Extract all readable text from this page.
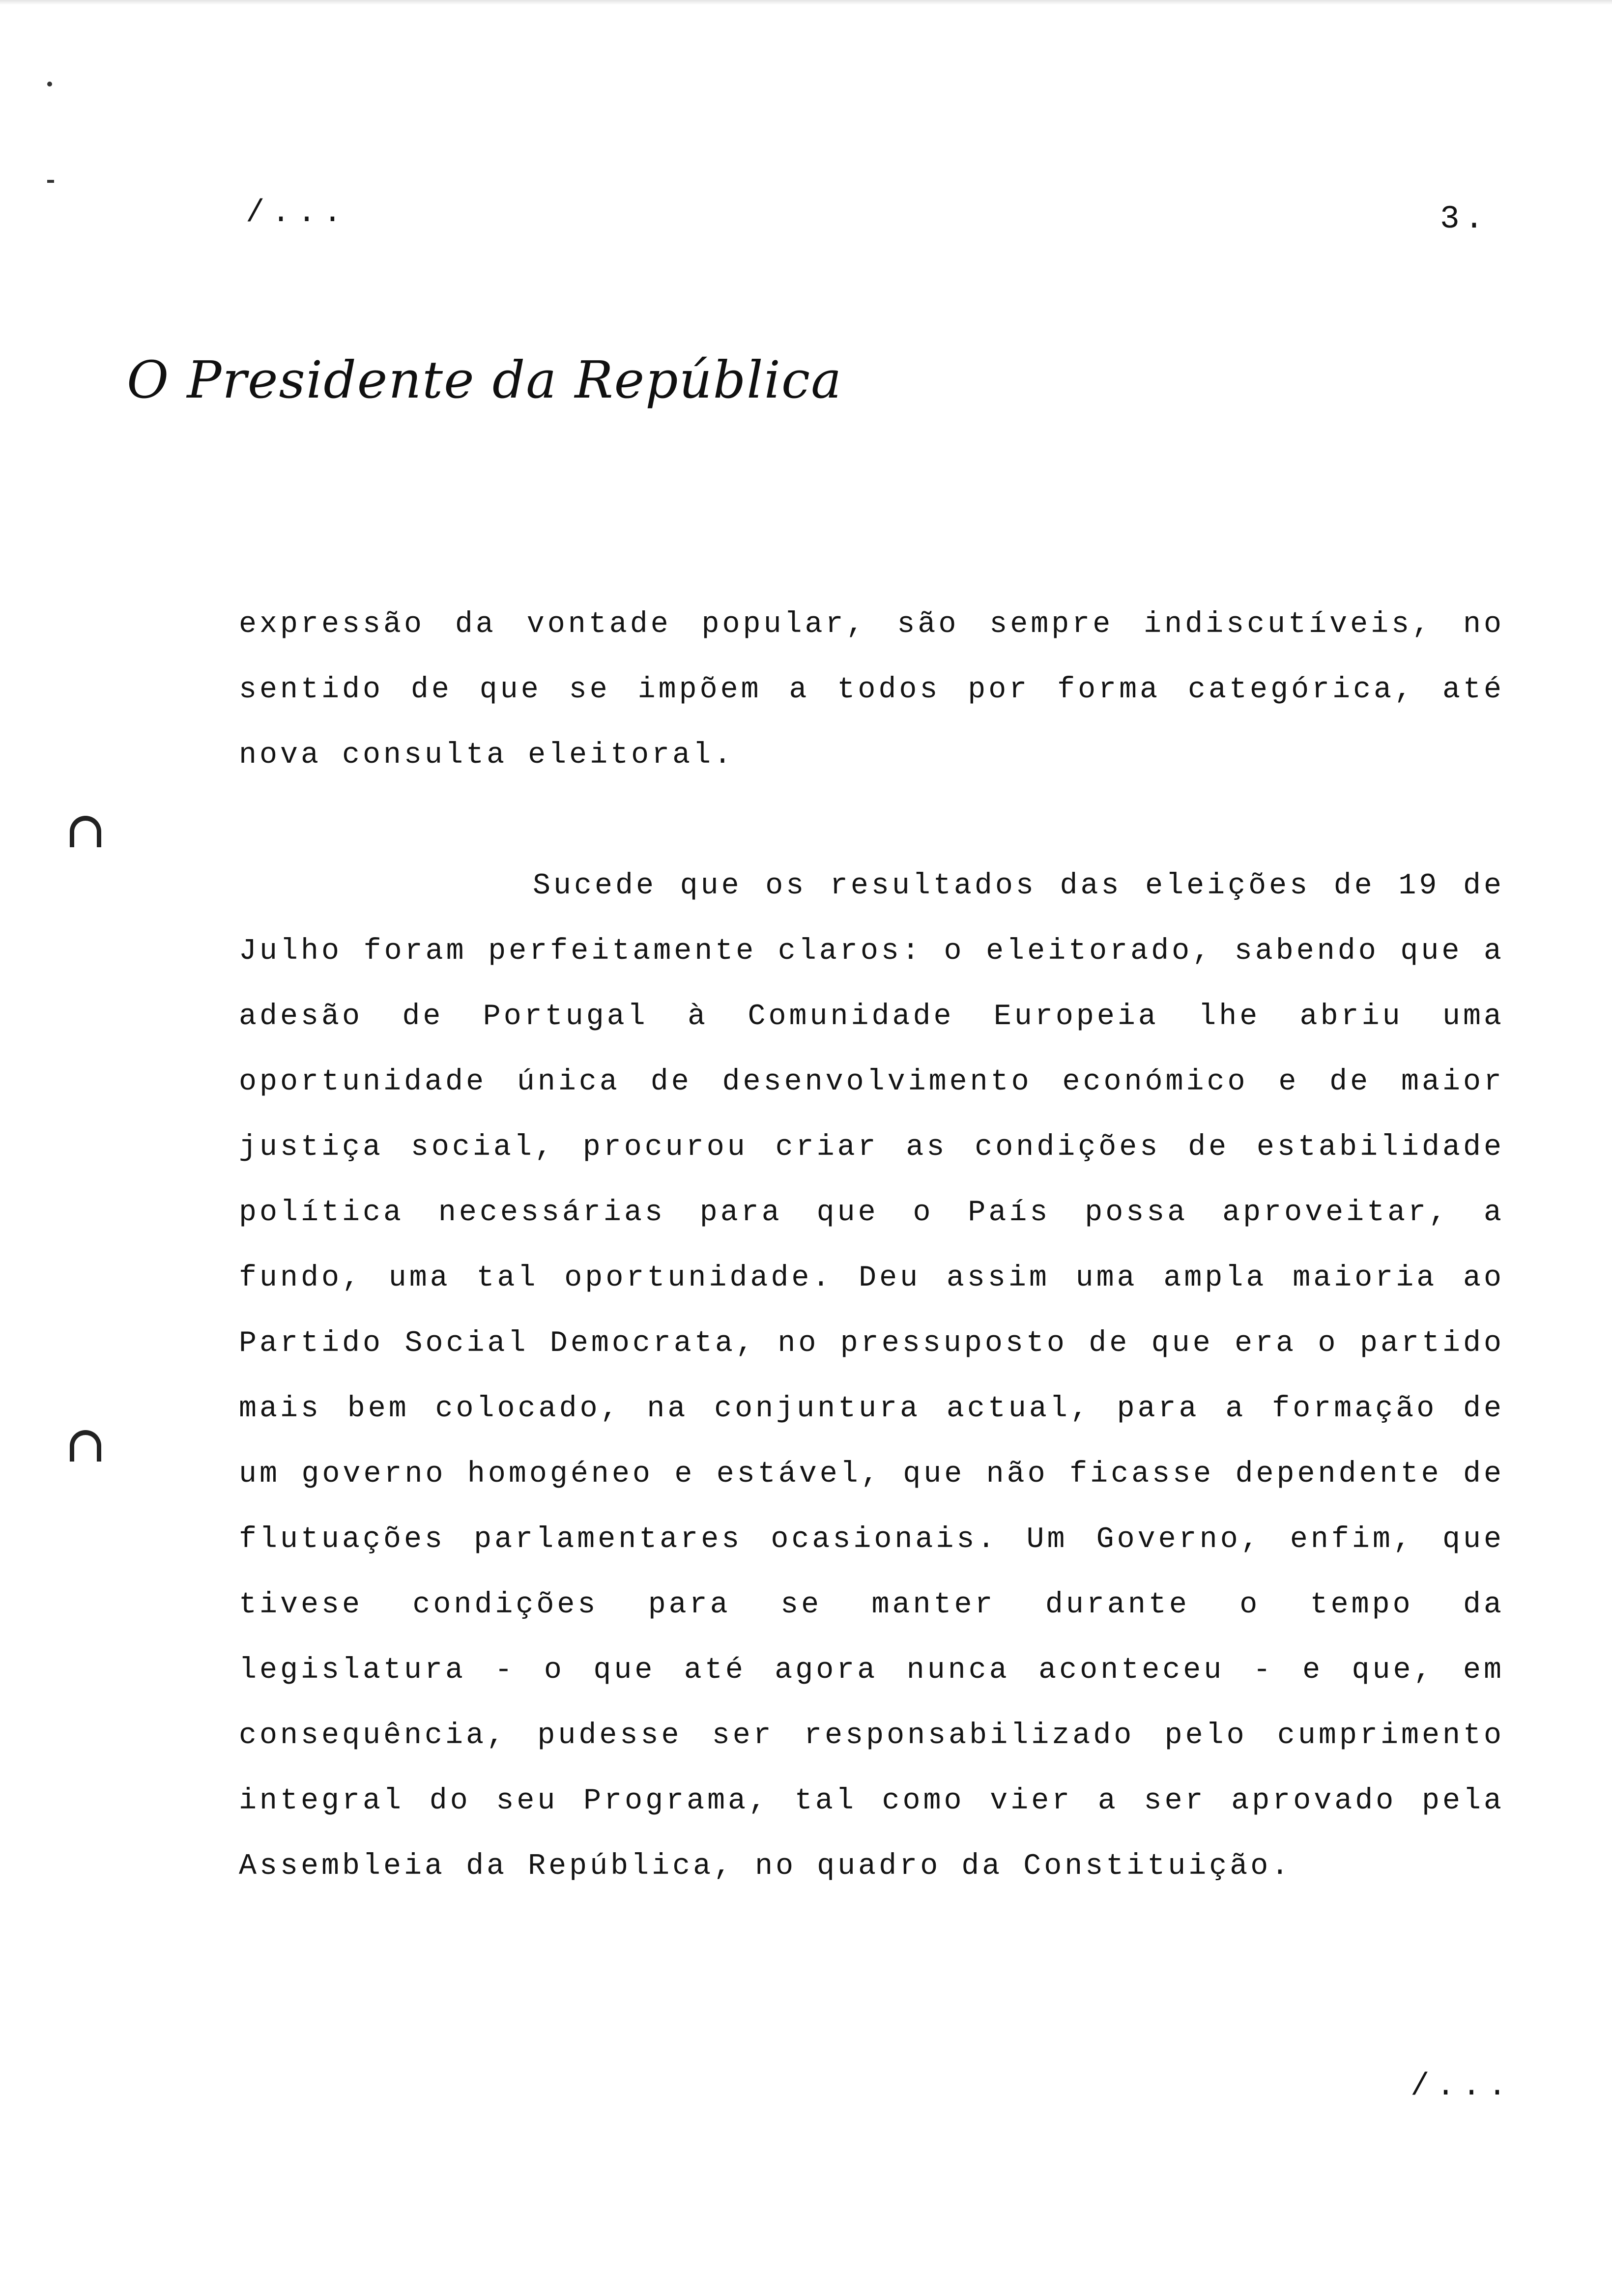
/...	3.
O Presidente da República

expressão da vontade popular, são sempre indiscutíveis, no sentido de que se impõem a todos por forma categórica, até nova consulta eleitoral.

Sucede que os resultados das eleições de 19 de Julho foram perfeitamente claros: o eleitorado, sabendo que a adesão de Portugal à Comunidade Europeia lhe abriu uma oportunidade única de desenvolvimento económico e de maior justiça social, procurou criar as condições de estabilidade política necessárias para que o País possa aproveitar, a fundo, uma tal oportunidade. Deu assim uma ampla maioria ao Partido Social Democrata, no pressuposto de que era o partido mais bem colocado, na conjuntura actual, para a formação de um governo homogéneo e estável, que não ficasse dependente de flutuações parlamentares ocasionais. Um Governo, enfim, que tivese condições para se manter durante o tempo da legislatura - o que até agora nunca aconteceu - e que, em consequência, pudesse ser responsabilizado pelo cumprimento integral do seu Programa, tal como vier a ser aprovado pela Assembleia da República, no quadro da Constituição.

/...
